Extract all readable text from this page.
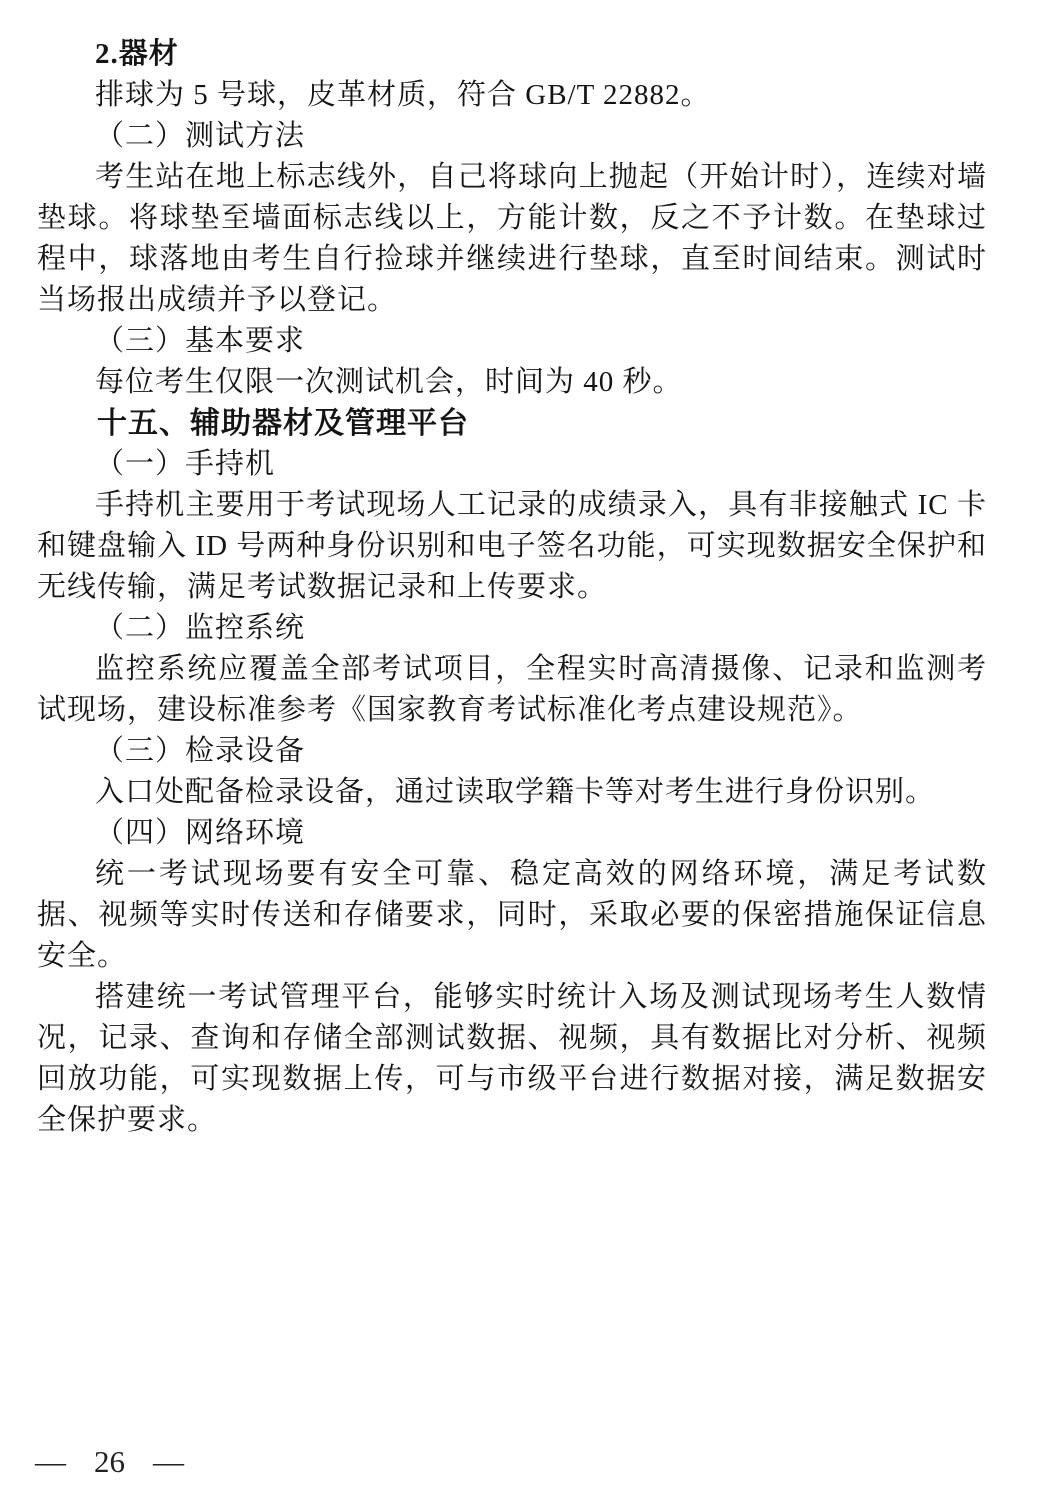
2.器材

排球为 5 号球，皮革材质，符合 GB/T 22882。

（二）测试方法

考生站在地上标志线外，自己将球向上抛起（开始计时），连续对墙垫球。将球垫至墙面标志线以上，方能计数，反之不予计数。在垫球过程中，球落地由考生自行捡球并继续进行垫球，直至时间结束。测试时当场报出成绩并予以登记。

（三）基本要求

每位考生仅限一次测试机会，时间为 40 秒。

十五、辅助器材及管理平台

（一）手持机

手持机主要用于考试现场人工记录的成绩录入，具有非接触式 IC 卡和键盘输入 ID 号两种身份识别和电子签名功能，可实现数据安全保护和无线传输，满足考试数据记录和上传要求。

（二）监控系统

监控系统应覆盖全部考试项目，全程实时高清摄像、记录和监测考试现场，建设标准参考《国家教育考试标准化考点建设规范》。

（三）检录设备

入口处配备检录设备，通过读取学籍卡等对考生进行身份识别。

（四）网络环境

统一考试现场要有安全可靠、稳定高效的网络环境，满足考试数据、视频等实时传送和存储要求，同时，采取必要的保密措施保证信息安全。

搭建统一考试管理平台，能够实时统计入场及测试现场考生人数情况，记录、查询和存储全部测试数据、视频，具有数据比对分析、视频回放功能，可实现数据上传，可与市级平台进行数据对接，满足数据安全保护要求。

— 26 —
